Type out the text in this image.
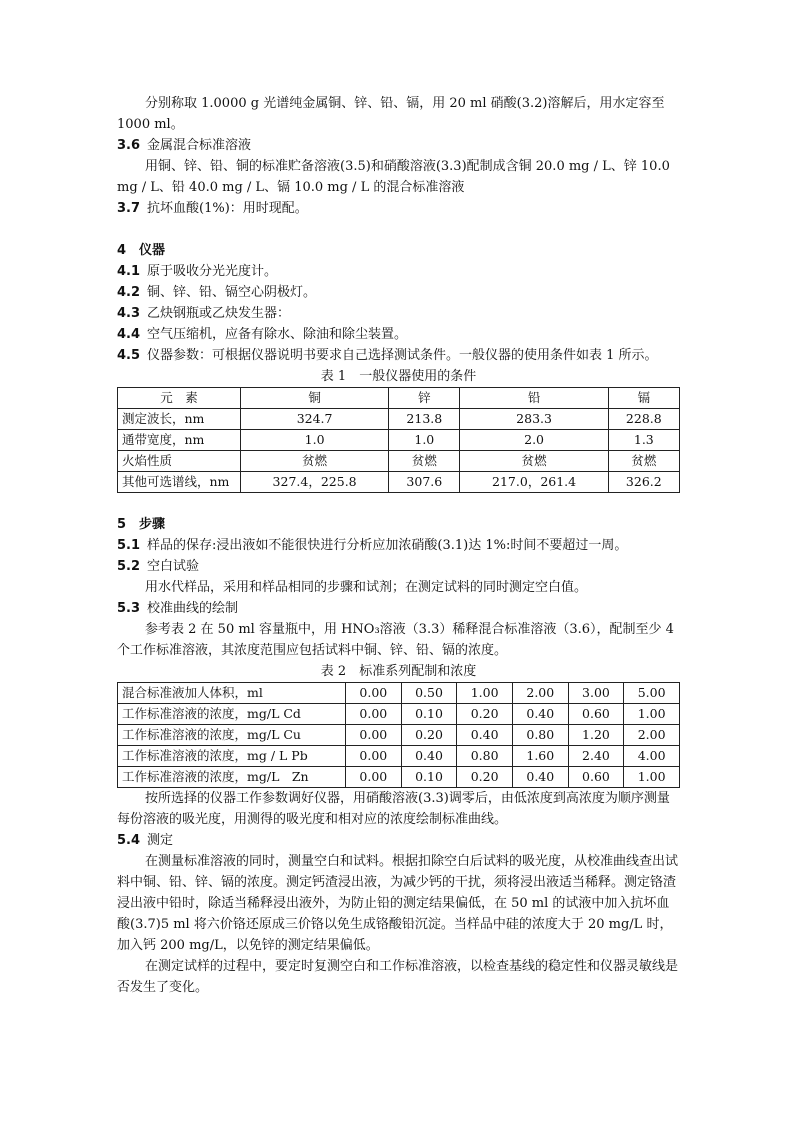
分别称取 1.0000 g 光谱纯金属铜、锌、铅、镉，用 20 ml 硝酸(3.2)溶解后，用水定容至 1000 ml。

3.6 金属混合标准溶液

用铜、锌、铅、铜的标准贮备溶液(3.5)和硝酸溶液(3.3)配制成含铜 20.0 mg / L、锌 10.0 mg / L、铅 40.0 mg / L、镉 10.0 mg / L 的混合标准溶液

3.7 抗坏血酸(1%)：用时现配。

4 仪器

4.1 原于吸收分光光度计。

4.2 铜、锌、铅、镉空心阴极灯。

4.3 乙炔钢瓶或乙炔发生器：

4.4 空气压缩机，应备有除水、除油和除尘装置。

4.5 仪器参数：可根据仪器说明书要求自己选择测试条件。一般仪器的使用条件如表 1 所示。

表 1　一般仪器使用的条件

元　素	铜	锌	铅	镉
测定波长，nm	324.7	213.8	283.3	228.8
通带宽度，nm	1.0	1.0	2.0	1.3
火焰性质	贫燃	贫燃	贫燃	贫燃
其他可选谱线，nm	327.4，225.8	307.6	217.0，261.4	326.2

5 步骤

5.1 样品的保存:浸出液如不能很快进行分析应加浓硝酸(3.1)达 1%:时间不要超过一周。

5.2 空白试验

用水代样品，采用和样品相同的步骤和试剂；在测定试料的同时测定空白值。

5.3 校准曲线的绘制

参考表 2 在 50 ml 容量瓶中，用 HNO₃溶液（3.3）稀释混合标准溶液（3.6），配制至少 4 个工作标准溶液，其浓度范围应包括试料中铜、锌、铅、镉的浓度。

表 2　标准系列配制和浓度

混合标准液加人体积，ml	0.00	0.50	1.00	2.00	3.00	5.00
工作标准溶液的浓度，mg/L Cd	0.00	0.10	0.20	0.40	0.60	1.00
工作标准溶液的浓度，mg/L Cu	0.00	0.20	0.40	0.80	1.20	2.00
工作标准溶液的浓度，mg / L Pb	0.00	0.40	0.80	1.60	2.40	4.00
工作标准溶液的浓度，mg/L　Zn	0.00	0.10	0.20	0.40	0.60	1.00

按所选择的仪器工作参数调好仪器，用硝酸溶液(3.3)调零后，由低浓度到高浓度为顺序测量每份溶液的吸光度，用测得的吸光度和相对应的浓度绘制标准曲线。

5.4 测定

在测量标准溶液的同时，测量空白和试料。根据扣除空白后试料的吸光度，从校准曲线查出试料中铜、铅、锌、镉的浓度。测定钙渣浸出液，为减少钙的干扰，须将浸出液适当稀释。测定铬渣浸出液中铅时，除适当稀释浸出液外，为防止铅的测定结果偏低，在 50 ml 的试液中加入抗坏血酸(3.7)5 ml 将六价铬还原成三价铬以免生成铬酸铅沉淀。当样品中硅的浓度大于 20 mg/L 时，加入钙 200 mg/L，以免锌的测定结果偏低。

在测定试样的过程中，要定时复测空白和工作标准溶液，以检查基线的稳定性和仪器灵敏线是否发生了变化。
